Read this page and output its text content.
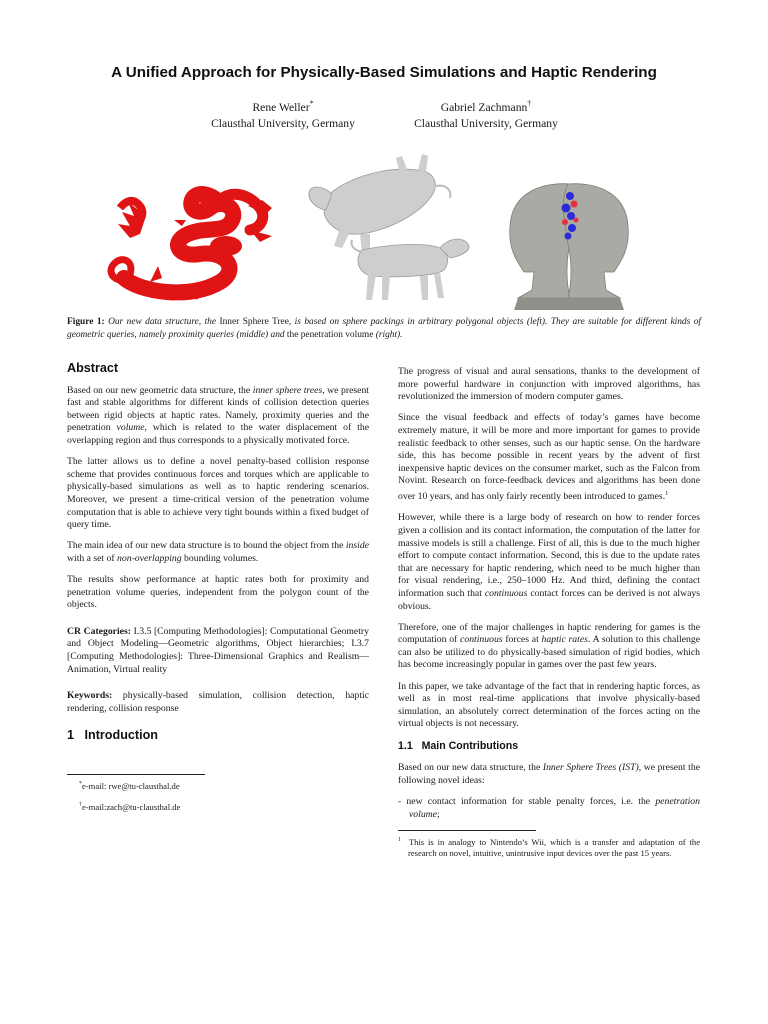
A Unified Approach for Physically-Based Simulations and Haptic Rendering
Rene Weller*
Clausthal University, Germany
Gabriel Zachmann†
Clausthal University, Germany
Figure 1: Our new data structure, the Inner Sphere Tree, is based on sphere packings in arbitrary polygonal objects (left). They are suitable for different kinds of geometric queries, namely proximity queries (middle) and the penetration volume (right).
Abstract

Based on our new geometric data structure, the inner sphere trees, we present fast and stable algorithms for different kinds of collision detection queries between rigid objects at haptic rates. Namely, proximity queries and the penetration volume, which is related to the water displacement of the overlapping region and thus corresponds to a physically motivated force.

The latter allows us to define a novel penalty-based collision response scheme that provides continuous forces and torques which are applicable to physically-based simulations as well as to haptic rendering scenarios. Moreover, we present a time-critical version of the penetration volume computation that is able to achieve very tight bounds within a fixed budget of query time.

The main idea of our new data structure is to bound the object from the inside with a set of non-overlapping bounding volumes.

The results show performance at haptic rates both for proximity and penetration volume queries, independent from the polygon count of the objects.

CR Categories: I.3.5 [Computing Methodologies]: Computational Geometry and Object Modeling—Geometric algorithms, Object hierarchies; I.3.7 [Computing Methodologies]: Three-Dimensional Graphics and Realism—Animation, Virtual reality

Keywords: physically-based simulation, collision detection, haptic rendering, collision response

1 Introduction

*e-mail: rwe@tu-clausthal.de

†e-mail:zach@tu-clausthal.de

The progress of visual and aural sensations, thanks to the development of more powerful hardware in conjunction with improved algorithms, has revolutionized the immersion of modern computer games.

Since the visual feedback and effects of today’s games have become extremely mature, it will be more and more important for games to provide realistic feedback to other senses, such as our haptic sense. On the hardware side, this has become possible in recent years by the advent of first inexpensive haptic devices on the consumer market, such as the Falcon from Novint. Research on force-feedback devices and algorithms has been done over 10 years, and has only fairly recently been introduced to games.$^1$

However, while there is a large body of research on how to render forces given a collision and its contact information, the computation of the latter for massive models is still a challenge. First of all, this is due to the much higher effort to compute contact information. Second, this is due to the update rates that are necessary for haptic rendering, which need to be much higher than for visual rendering, i.e., 250–1000 Hz. And third, defining the contact information such that continuous contact forces can be derived is not always obvious.

Therefore, one of the major challenges in haptic rendering for games is the computation of continuous forces at haptic rates. A solution to this challenge can also be utilized to do physically-based simulation of rigid bodies, which has become increasingly popular in games over the past few years.

In this paper, we take advantage of the fact that in rendering haptic forces, as well as in most real-time applications that involve physically-based simulation, an absolutely correct determination of the forces acting on the virtual objects is not necessary.

1.1 Main Contributions

Based on our new data structure, the Inner Sphere Trees (IST), we present the following novel ideas:

- new contact information for stable penalty forces, i.e. the penetration volume;

$^1$ This is in analogy to Nintendo’s Wii, which is a transfer and adaptation of the research on novel, intuitive, unintrusive input devices over the past 15 years.
